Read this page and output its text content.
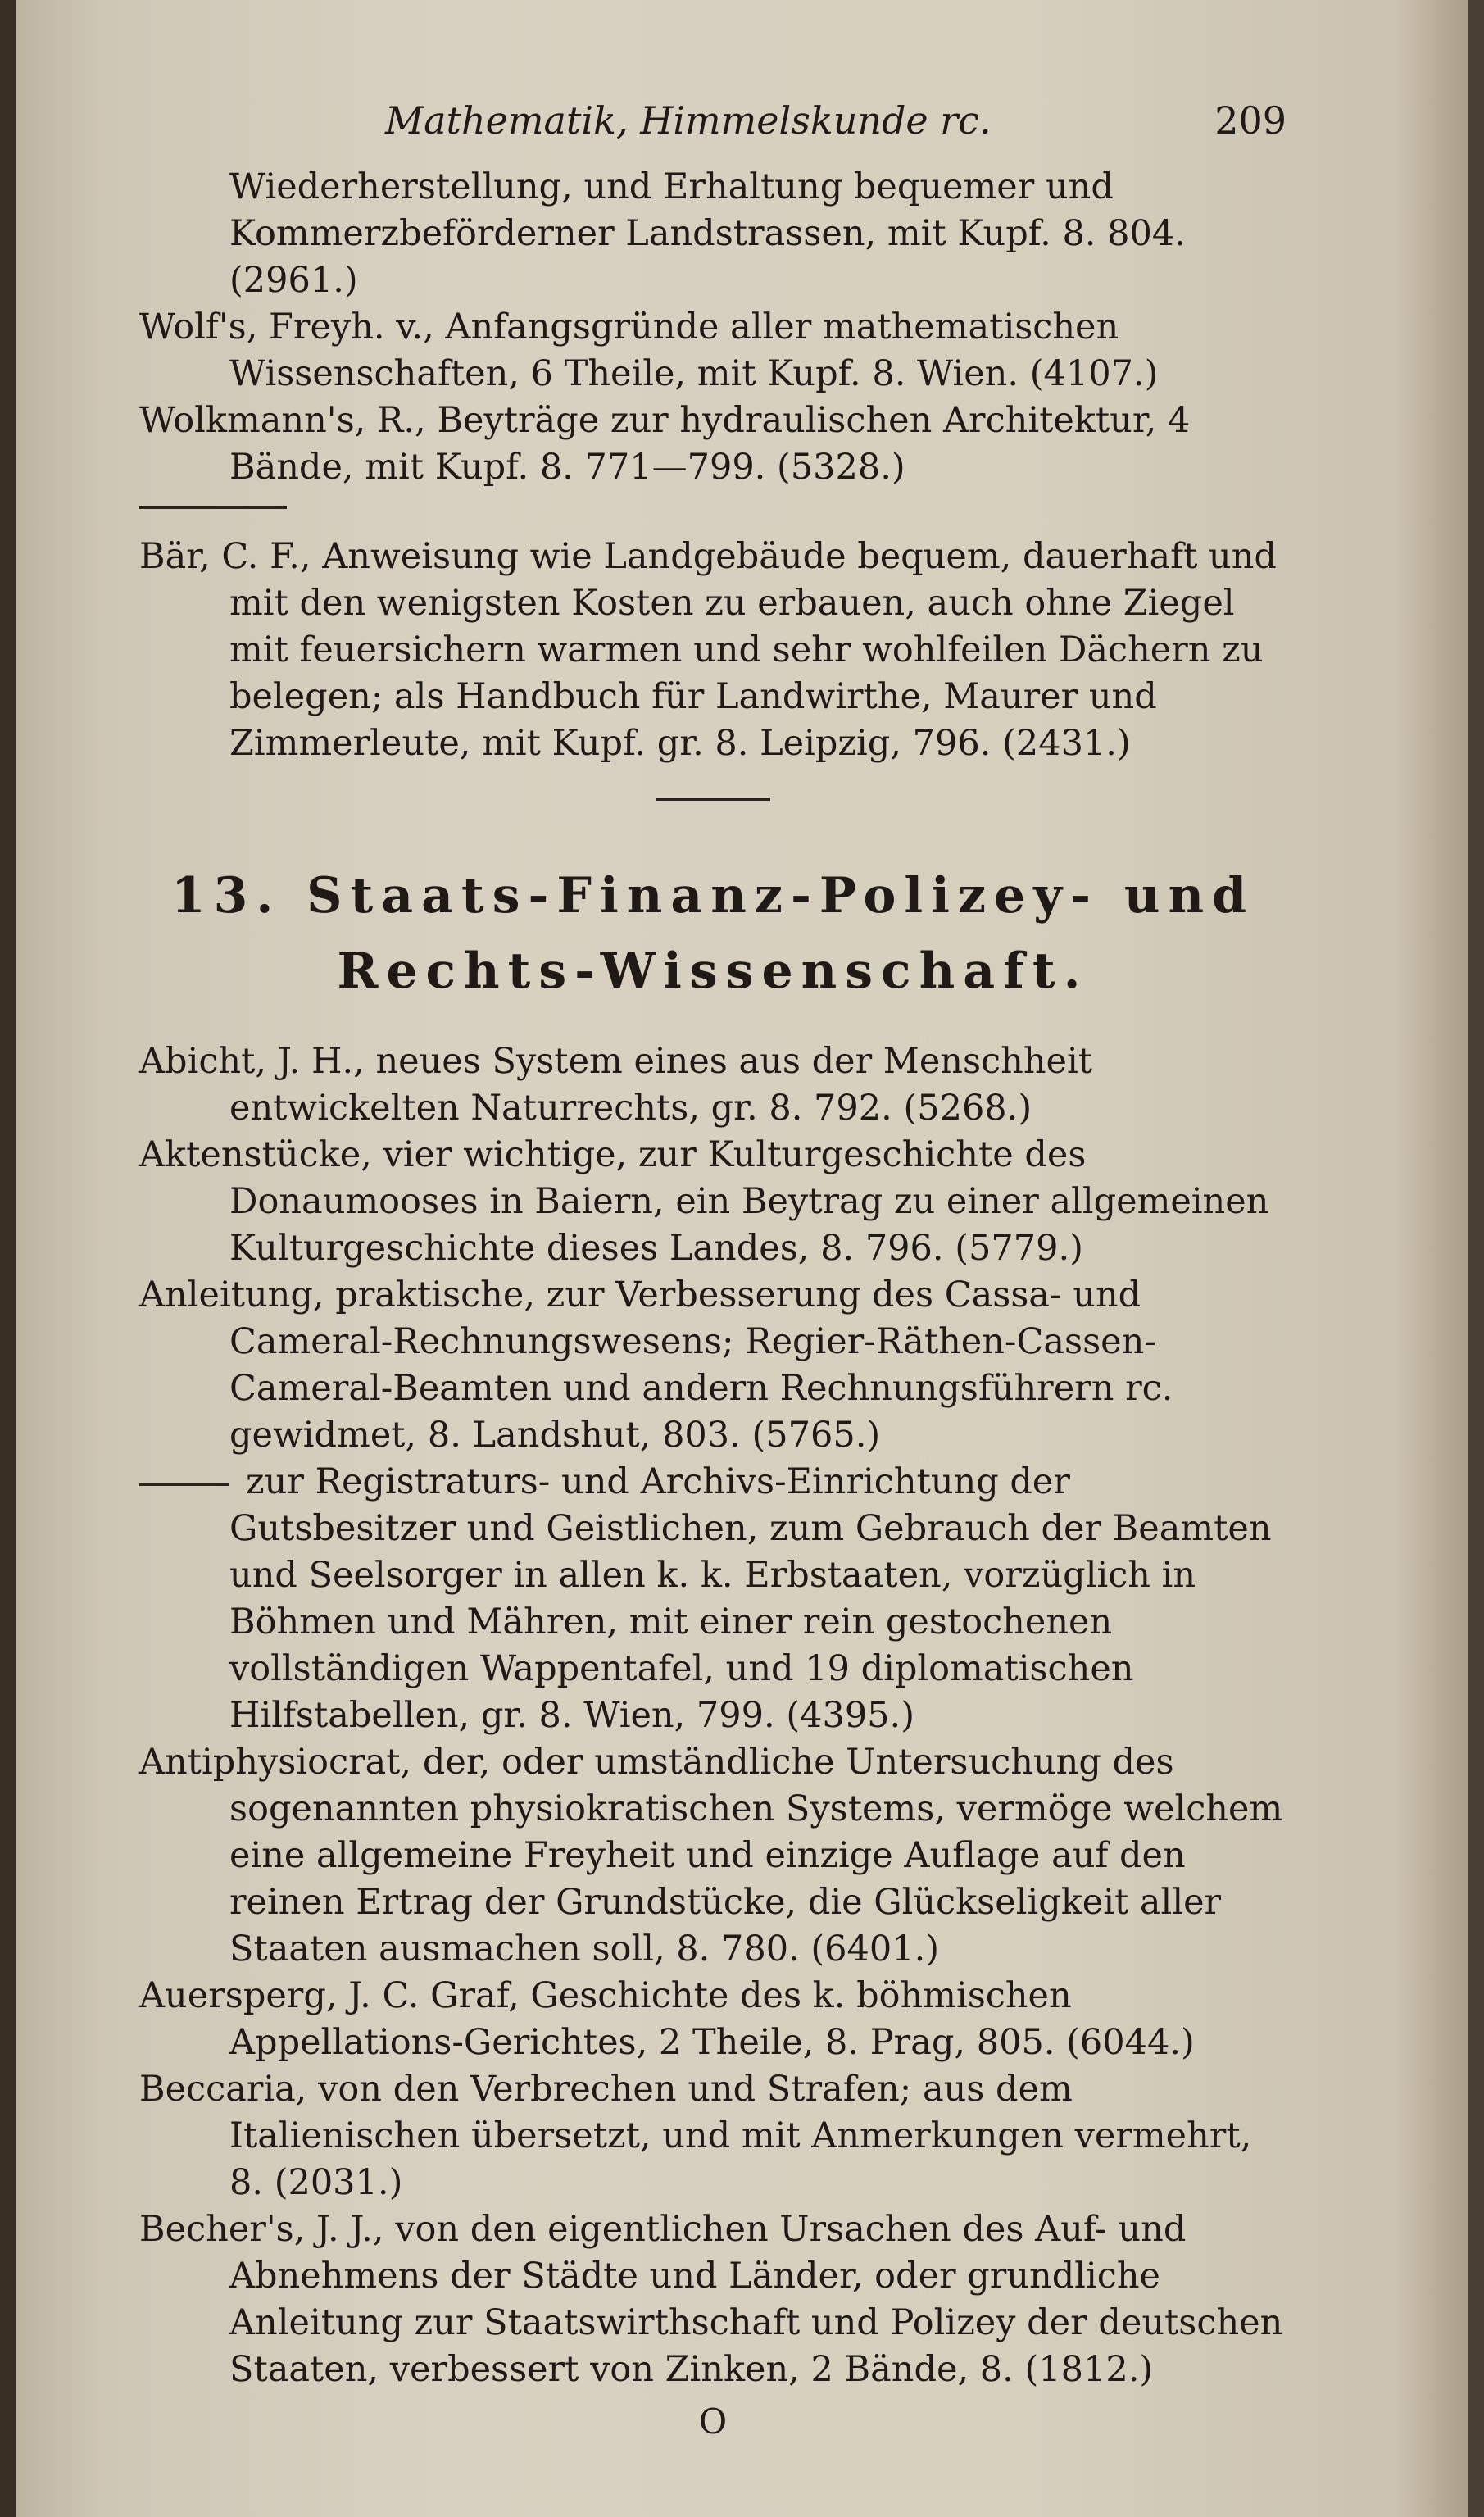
Mathematik, Himmelskunde rc.	209

Wiederherstellung, und Erhaltung bequemer und Kommerzbeförderner Landstrassen, mit Kupf. 8. 804. (2961.)

Wolf's, Freyh. v., Anfangsgründe aller mathematischen Wissenschaften, 6 Theile, mit Kupf. 8. Wien. (4107.)

Wolkmann's, R., Beyträge zur hydraulischen Architektur, 4 Bände, mit Kupf. 8. 771—799. (5328.)

Bär, C. F., Anweisung wie Landgebäude bequem, dauerhaft und mit den wenigsten Kosten zu erbauen, auch ohne Ziegel mit feuersichern warmen und sehr wohlfeilen Dächern zu belegen; als Handbuch für Landwirthe, Maurer und Zimmerleute, mit Kupf. gr. 8. Leipzig, 796. (2431.)

13. Staats-Finanz-Polizey- und
Rechts-Wissenschaft.

Abicht, J. H., neues System eines aus der Menschheit entwickelten Naturrechts, gr. 8. 792. (5268.)

Aktenstücke, vier wichtige, zur Kulturgeschichte des Donaumooses in Baiern, ein Beytrag zu einer allgemeinen Kulturgeschichte dieses Landes, 8. 796. (5779.)

Anleitung, praktische, zur Verbesserung des Cassa- und Cameral-Rechnungswesens; Regier-Räthen-Cassen-Cameral-Beamten und andern Rechnungsführern rc. gewidmet, 8. Landshut, 803. (5765.)

zur Registraturs- und Archivs-Einrichtung der Gutsbesitzer und Geistlichen, zum Gebrauch der Beamten und Seelsorger in allen k. k. Erbstaaten, vorzüglich in Böhmen und Mähren, mit einer rein gestochenen vollständigen Wappentafel, und 19 diplomatischen Hilfstabellen, gr. 8. Wien, 799. (4395.)

Antiphysiocrat, der, oder umständliche Untersuchung des sogenannten physiokratischen Systems, vermöge welchem eine allgemeine Freyheit und einzige Auflage auf den reinen Ertrag der Grundstücke, die Glückseligkeit aller Staaten ausmachen soll, 8. 780. (6401.)

Auersperg, J. C. Graf, Geschichte des k. böhmischen Appellations-Gerichtes, 2 Theile, 8. Prag, 805. (6044.)

Beccaria, von den Verbrechen und Strafen; aus dem Italienischen übersetzt, und mit Anmerkungen vermehrt, 8. (2031.)

Becher's, J. J., von den eigentlichen Ursachen des Auf- und Abnehmens der Städte und Länder, oder grundliche Anleitung zur Staatswirthschaft und Polizey der deutschen Staaten, verbessert von Zinken, 2 Bände, 8. (1812.)

O
